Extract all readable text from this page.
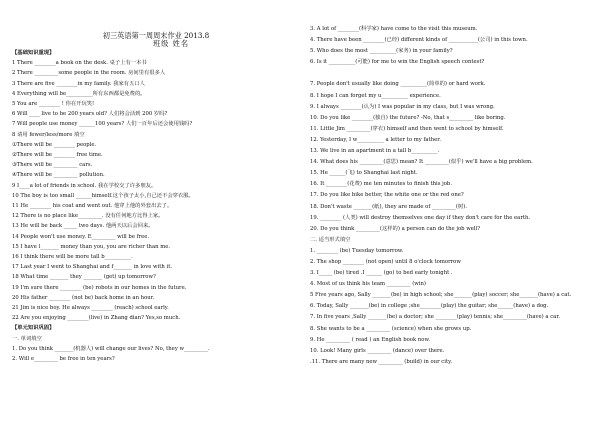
初三英语第一周周末作业 2013.8
班级 姓名
【基础知识重现】
1 There ________a book on the desk. 桌子上有一本书
2 There _________some people in the room. 房间里有很多人
3 There are five ________in my family. 我家有五口人
4 Everything will be__________所有东西都是免费的。
5 You are ________ ! 你在开玩笑!
6 Will ____ live to be 200 years old? 人们将会活到 200 岁吗?
7 Will people use money ______100 years? 人们一百年后还会使用钱吗?
8 请用 fewer/less/more 填空
①There will be ________ people.
②There will be ________ free time.
③There will be _________ cars.
④There will be _________ pollution.
9 I____a lot of friends in school. 我在学校交了许多朋友。
10 The boy is too small ______himself.这个孩子太小,自己还不会穿衣服。
11 He ________ his coat and went out. 他穿上他的外套出去了。
12 There is no place like_________. 没有任何地方比得上家。
13 He will be back _____ two days. 他两天以后会回来。
14 People won't use money. E_________ will be free.
15 I have l_______ money than you, you are richer than me.
16 I think there will be more tall b__________.
17 Last year I went to Shanghai and f_______ in love with it.
18 What time _______ they _______ (get) up tomorrow?
19 I'm sure there ________ (be) robots in our homes in the future.
20 His father ________ (not be) back home in an hour.
21 Jim is nice boy. He always ________ (reach) school early.
22 Are you enjoying ________(live) in Zhang dian? Yes,so much.
【单元知识巩固】
一. 单词填空
1. Do you think _______(机器人) will change our lives? No, they w_________.
2. Will e_________ be free in ten years?
3. A lot of ________(科学家) have come to the visit this museum.
4. There have been ________(已经) different kinds of ___________(公司) in this town.
5. Who does the most __________(家务) in your family?
6. Is it __________(可能) for me to win the English speech contest?

7. People don't usually like doing __________(简单的) or hard work.
8. I hope I can forget my u__________ experience.
9. I always ________(认为) I was popular in my class, but I was wrong.
10. Do you like ________(独自) the future? -No, that s_________ like boring.
11. Little Jim _________(穿衣) himself and then went to school by himself.
12. Yesterday, I w__________ a letter to my father.
13. We live in an apartment in a tall b__________.
14. What does his _________(意思) mean? It _________(似乎) we'll have a big problem.
15. He ______(飞) to Shanghai last night.
16. It ________(花费) me ten minutes to finish this job.
17. Do you like bike better, the white one or the red one?
18. Don't waste _______(纸), they are made of _________(树).
19. ________ (人类) will destroy themselves one day if they don't care for the earth.
20. Do you think _________(这样的) a person can do the job well?
二. 适当形式填空
1. ________ (be) Tuesday tomorrow.
2. The shop ________ (not open) until 8 o'clock tomorrow
3. I_____ (be) tired .I ______ (go) to bed early tonight .
4. Most of us think his team _________ (win)
5 Five years ago, Sally _______(be) in high school; she_______(play) soccer; she_______(have) a cat.
6. Today, Sally _______(be) in college ;she________(play) the guitar; she______(have) a dog.
7. In five years ,Sally _______(be) a doctor; she ________(play) tennis; she_________(have) a car.
8. She wants to be a _________ (science) when she grows up.
9. He _________ ( read ) an English book now.
10. Look! Many girls _________ (dance) over there.
.11. There are many new _________ (build) in our city.
